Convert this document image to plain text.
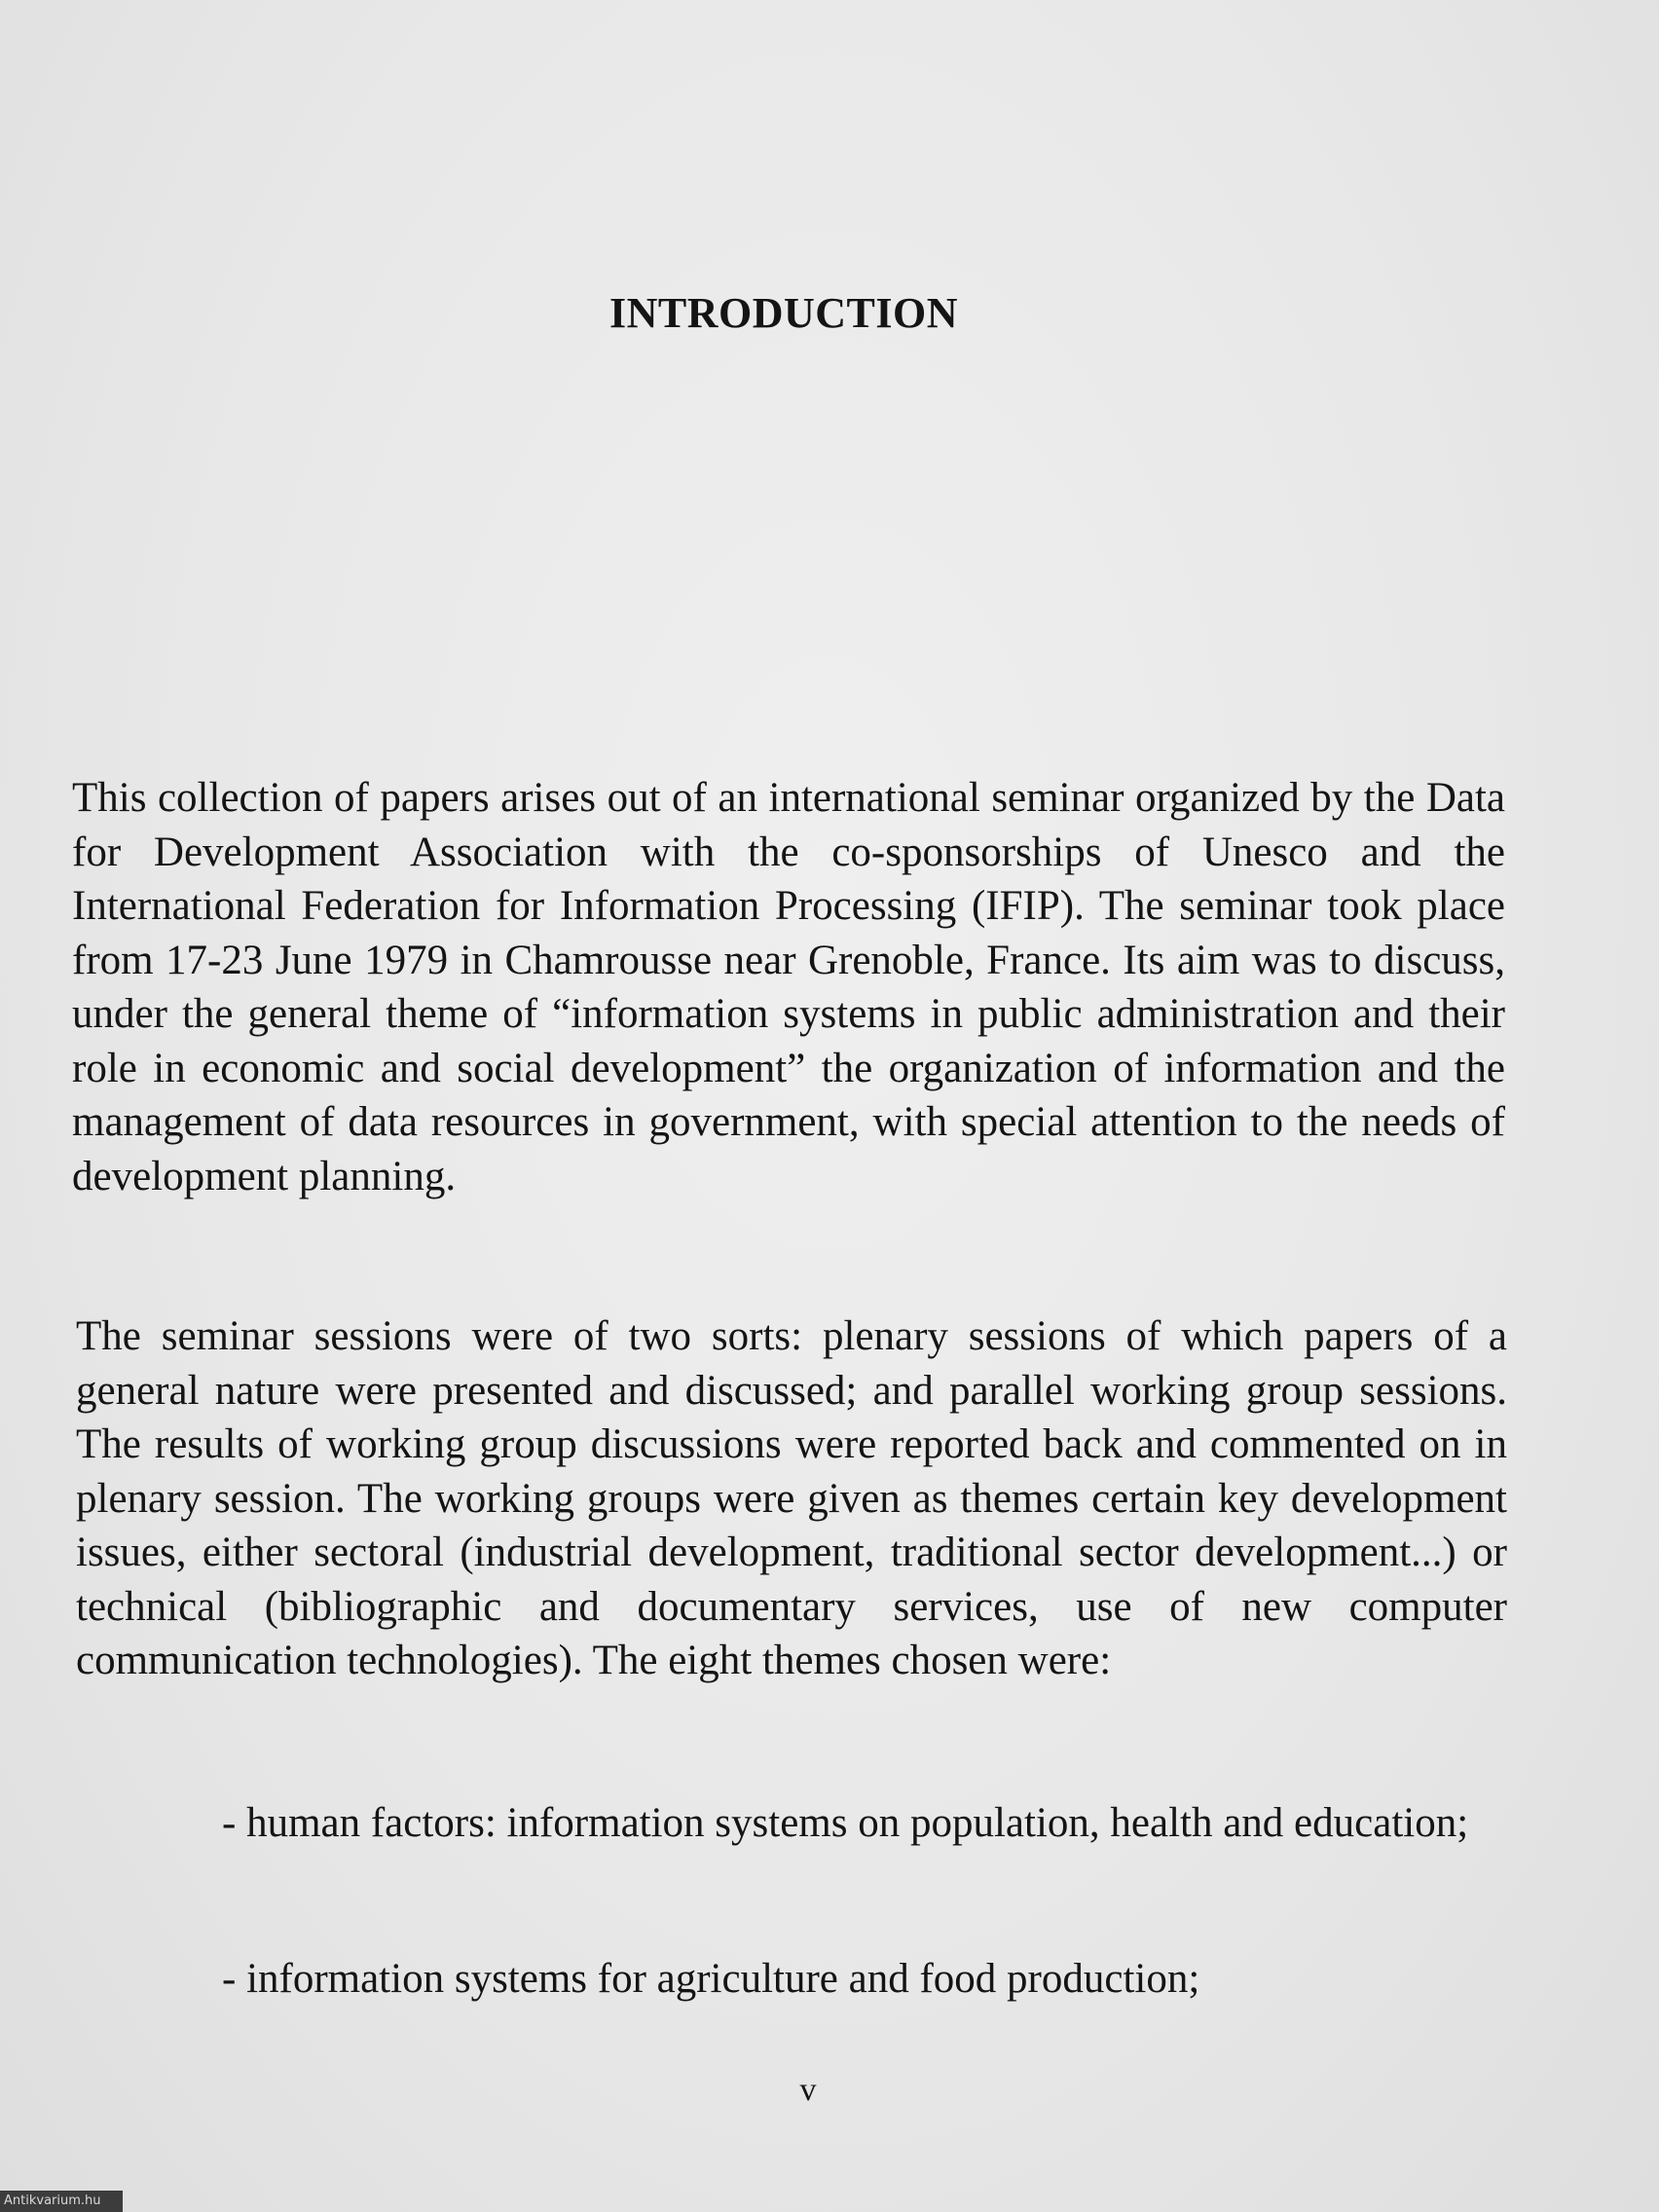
INTRODUCTION

This collection of papers arises out of an international seminar organized by the Data for Development Association with the co-sponsorships of Unesco and the International Federation for Information Processing (IFIP). The seminar took place from 17-23 June 1979 in Chamrousse near Grenoble, France. Its aim was to discuss, under the general theme of “information systems in public administration and their role in economic and social development” the organization of information and the management of data resources in government, with special attention to the needs of development planning.

The seminar sessions were of two sorts: plenary sessions of which papers of a general nature were presented and discussed; and parallel working group sessions. The results of working group discussions were reported back and commented on in plenary session. The working groups were given as themes certain key development issues, either sectoral (industrial development, traditional sector development...) or technical (bibliographic and documentary services, use of new computer communication technologies). The eight themes chosen were:

- human factors: information systems on population, health and education;

- information systems for agriculture and food production;

v

Antikvarium.hu
